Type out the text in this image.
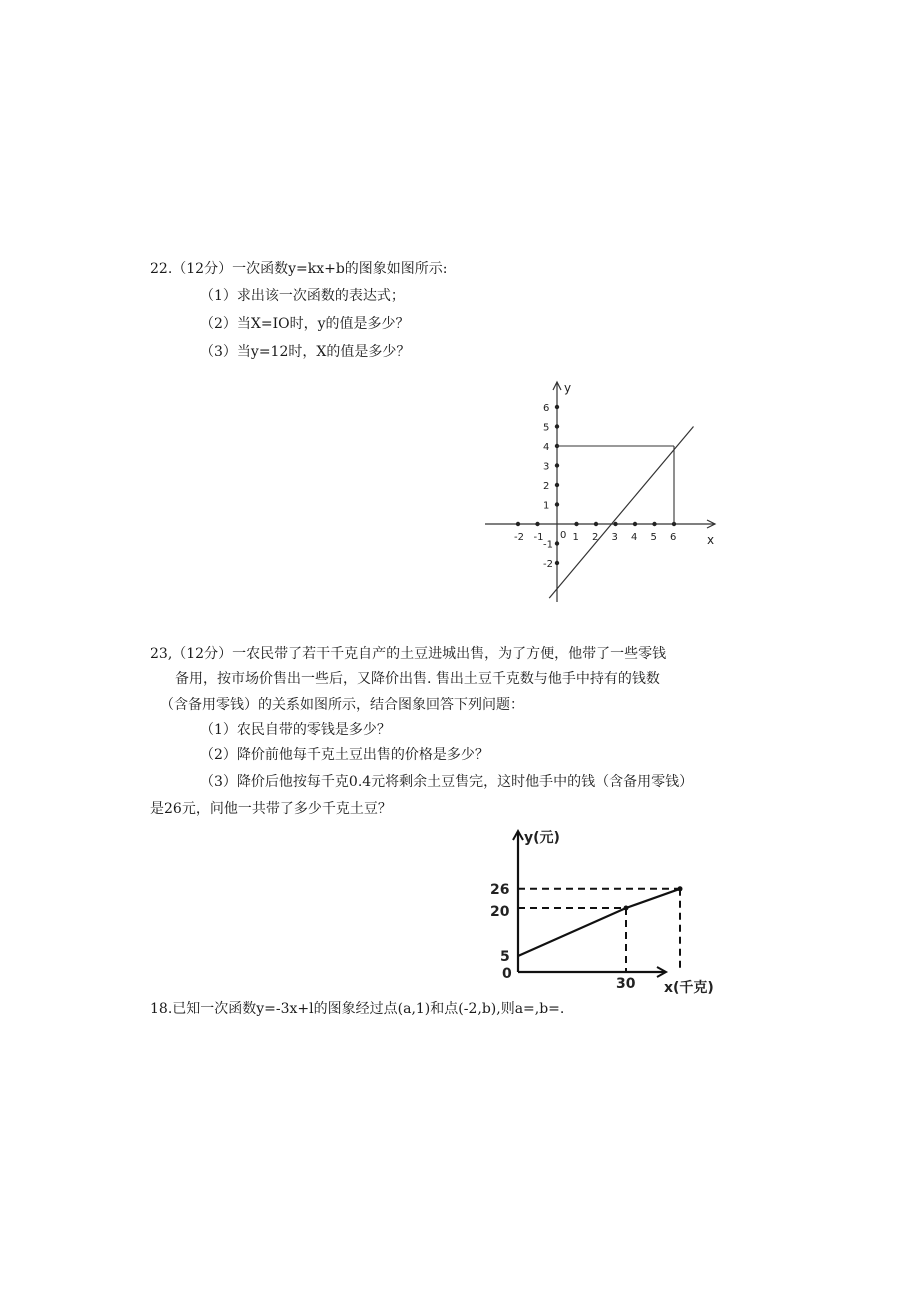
22.（12分）一次函数y=kx+b的图象如图所示:
（1）求出该一次函数的表达式；
（2）当X=IO时，y的值是多少？
（3）当y=12时，X的值是多少？
x
y
0
-2 -1	1 2 3 4 5 6
-2
-1
1
2
3
4
5
6
23,（12分）一农民带了若干千克自产的土豆进城出售，为了方便，他带了一些零钱
备用，按市场价售出一些后，又降价出售. 售出土豆千克数与他手中持有的钱数
（含备用零钱）的关系如图所示，结合图象回答下列问题：
（1）农民自带的零钱是多少？
（2）降价前他每千克土豆出售的价格是多少？
（3）降价后他按每千克0.4元将剩余土豆售完，这时他手中的钱（含备用零钱）
是26元，问他一共带了多少千克土豆？
y(元)
x(千克)
0
26
20
5
30
18.已知一次函数y=-3x+l的图象经过点(a,1)和点(-2,b),则a=,b=.
